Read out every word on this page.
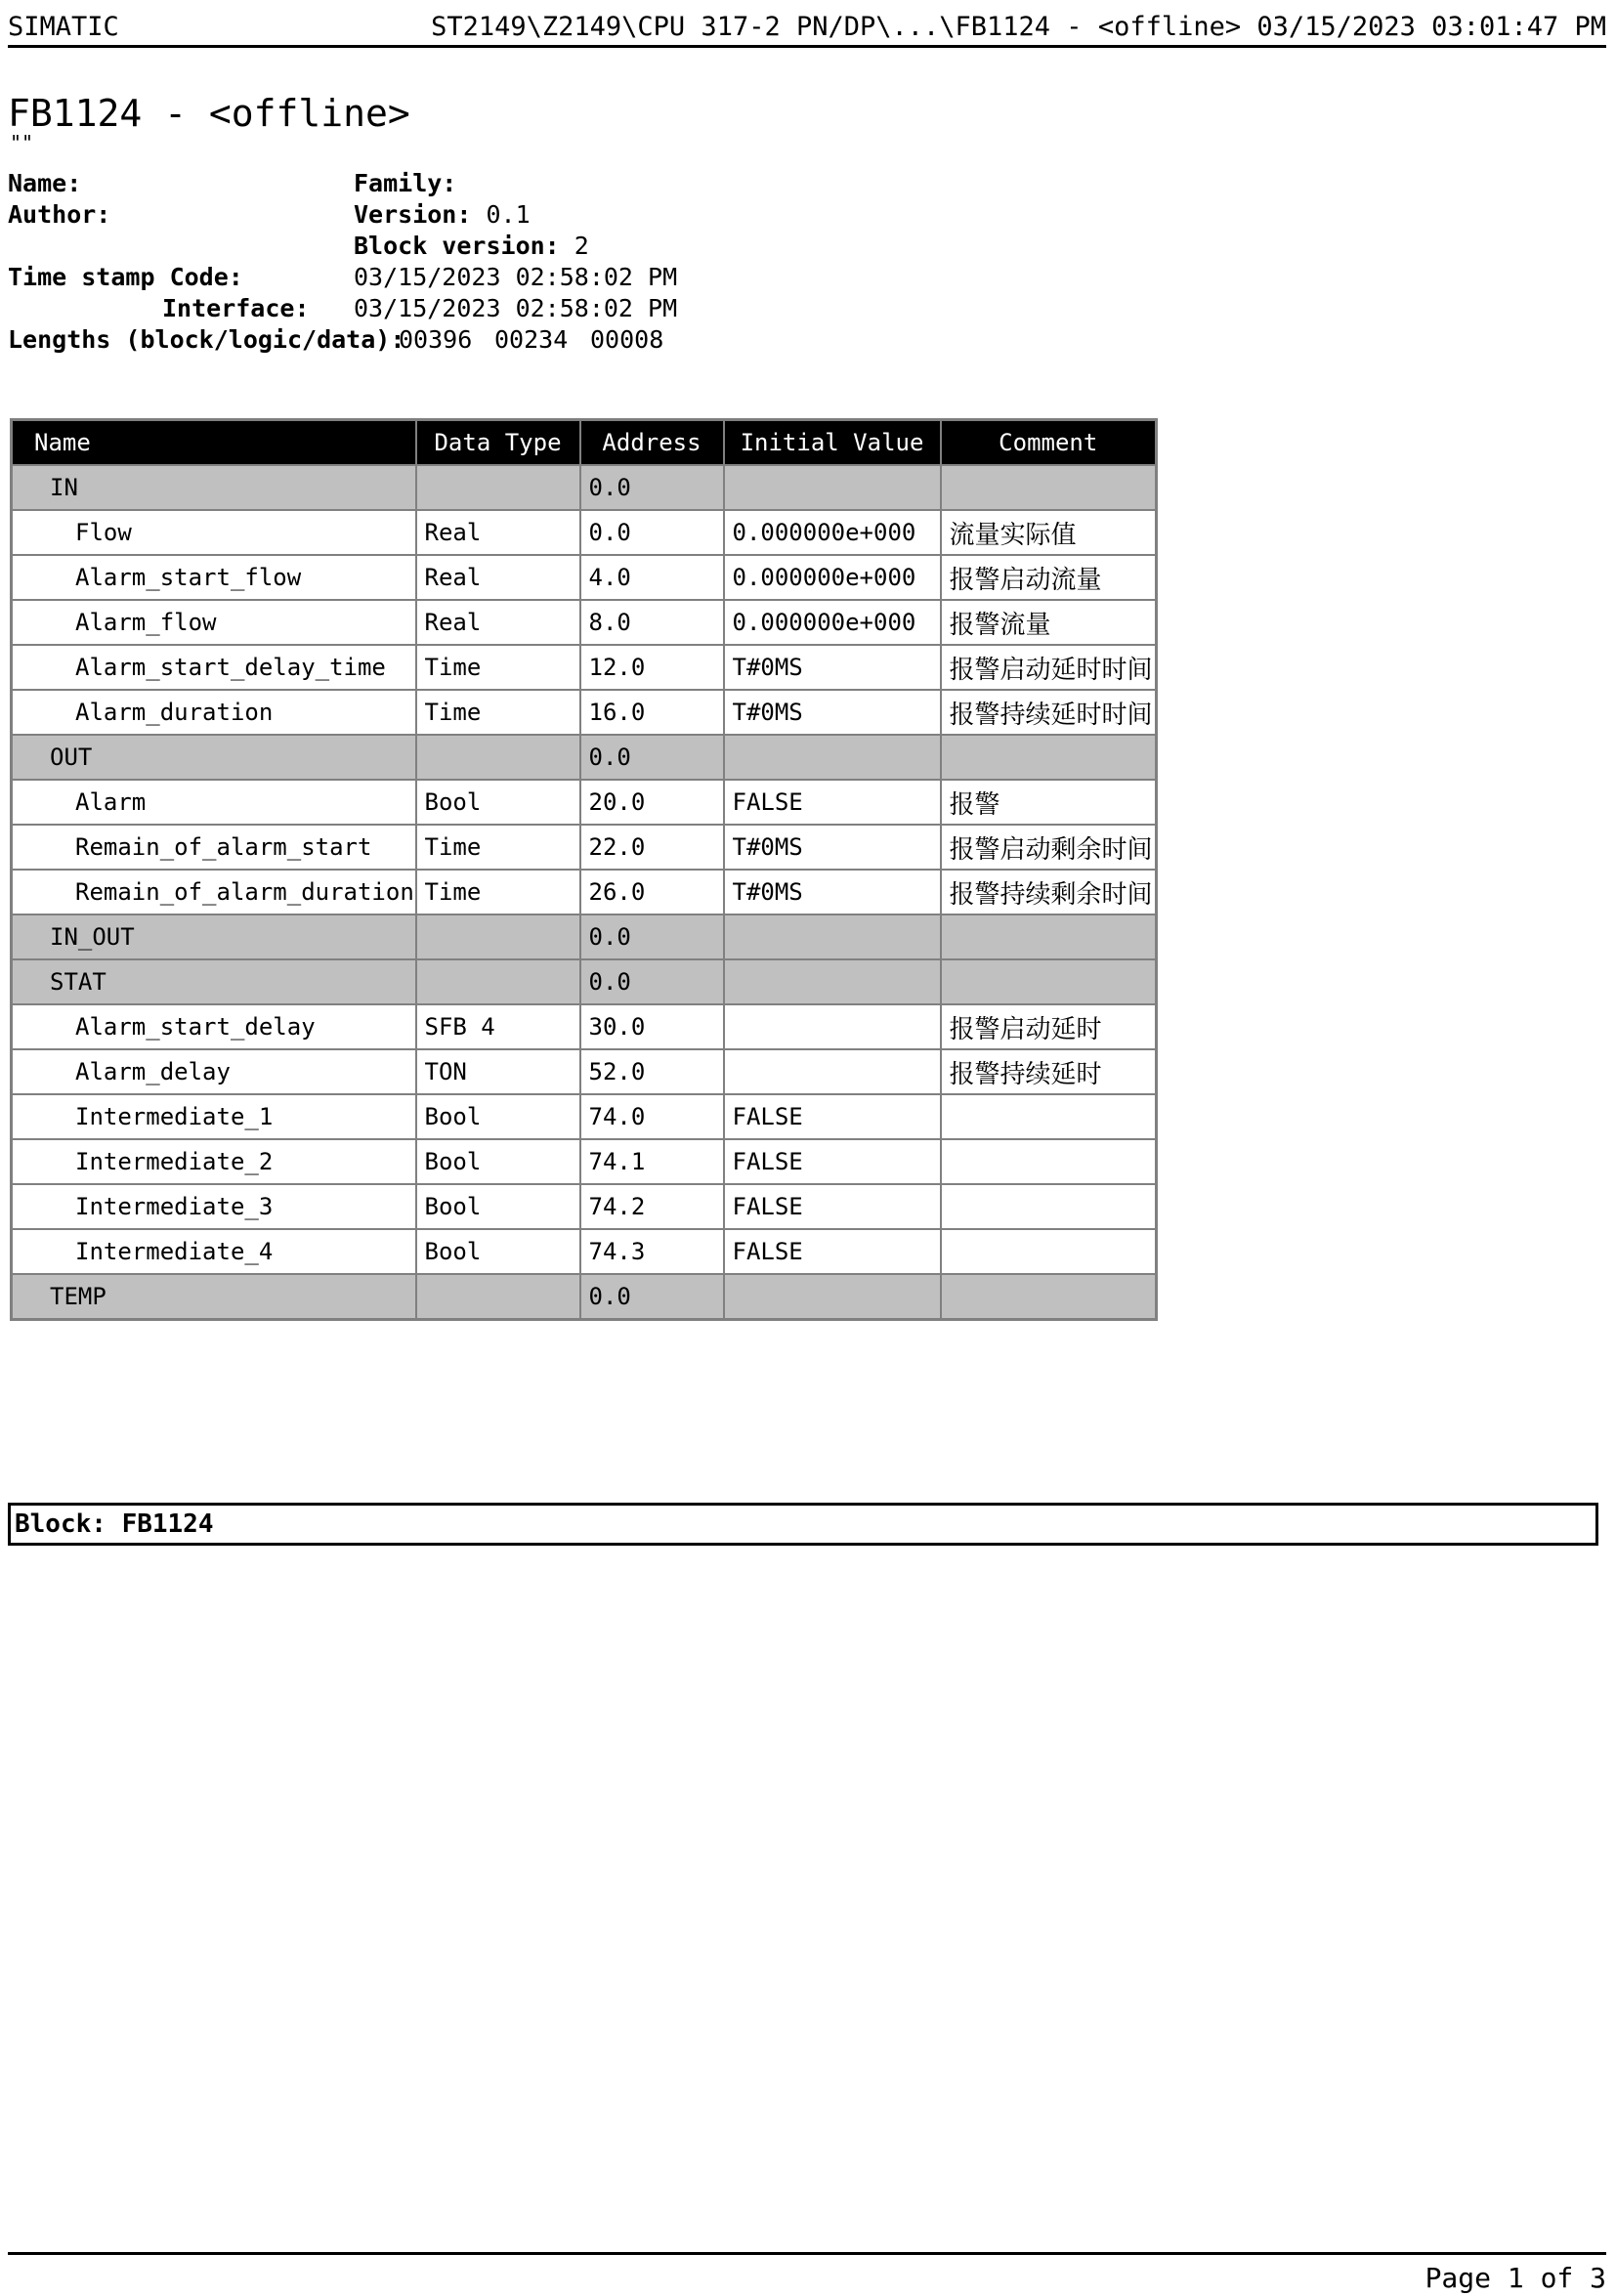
SIMATIC	ST2149\Z2149\CPU 317-2 PN/DP\...\FB1124 - <offline> 03/15/2023 03:01:47 PM
FB1124 - <offline>
""
Name:	Family:
Author:	Version: 0.1
Block version: 2
Time stamp Code:	03/15/2023 02:58:02 PM
Interface: 03/15/2023 02:58:02 PM
Lengths (block/logic/data):
00396 00234 00008
Name	Data Type	Address	Initial Value	Comment
IN		0.0		
Flow	Real	0.0	0.000000e+000	流量实际值
Alarm_start_flow	Real	4.0	0.000000e+000	报警启动流量
Alarm_flow	Real	8.0	0.000000e+000	报警流量
Alarm_start_delay_time	Time	12.0	T#0MS	报警启动延时时间
Alarm_duration	Time	16.0	T#0MS	报警持续延时时间
OUT		0.0		
Alarm	Bool	20.0	FALSE	报警
Remain_of_alarm_start	Time	22.0	T#0MS	报警启动剩余时间
Remain_of_alarm_duration	Time	26.0	T#0MS	报警持续剩余时间
IN_OUT		0.0		
STAT		0.0		
Alarm_start_delay	SFB 4	30.0		报警启动延时
Alarm_delay	TON	52.0		报警持续延时
Intermediate_1	Bool	74.0	FALSE	
Intermediate_2	Bool	74.1	FALSE	
Intermediate_3	Bool	74.2	FALSE	
Intermediate_4	Bool	74.3	FALSE	
TEMP		0.0		
Block: FB1124
Page 1 of 3
